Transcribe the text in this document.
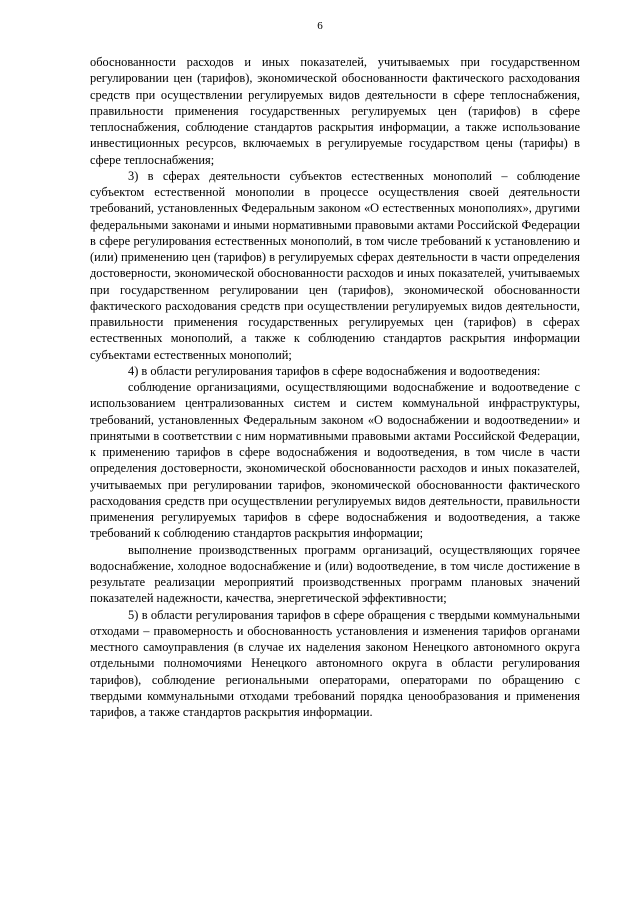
6

обоснованности расходов и иных показателей, учитываемых при государственном регулировании цен (тарифов), экономической обоснованности фактического расходования средств при осуществлении регулируемых видов деятельности в сфере теплоснабжения, правильности применения государственных регулируемых цен (тарифов) в сфере теплоснабжения, соблюдение стандартов раскрытия информации, а также использование инвестиционных ресурсов, включаемых в регулируемые государством цены (тарифы) в сфере теплоснабжения;

3) в сферах деятельности субъектов естественных монополий – соблюдение субъектом естественной монополии в процессе осуществления своей деятельности требований, установленных Федеральным законом «О естественных монополиях», другими федеральными законами и иными нормативными правовыми актами Российской Федерации в сфере регулирования естественных монополий, в том числе требований к установлению и (или) применению цен (тарифов) в регулируемых сферах деятельности в части определения достоверности, экономической обоснованности расходов и иных показателей, учитываемых при государственном регулировании цен (тарифов), экономической обоснованности фактического расходования средств при осуществлении регулируемых видов деятельности, правильности применения государственных регулируемых цен (тарифов) в сферах естественных монополий, а также к соблюдению стандартов раскрытия информации субъектами естественных монополий;

4) в области регулирования тарифов в сфере водоснабжения и водоотведения:

соблюдение организациями, осуществляющими водоснабжение и водоотведение с использованием централизованных систем и систем коммунальной инфраструктуры, требований, установленных Федеральным законом «О водоснабжении и водоотведении» и принятыми в соответствии с ним нормативными правовыми актами Российской Федерации, к применению тарифов в сфере водоснабжения и водоотведения, в том числе в части определения достоверности, экономической обоснованности расходов и иных показателей, учитываемых при регулировании тарифов, экономической обоснованности фактического расходования средств при осуществлении регулируемых видов деятельности, правильности применения регулируемых тарифов в сфере водоснабжения и водоотведения, а также требований к соблюдению стандартов раскрытия информации;

выполнение производственных программ организаций, осуществляющих горячее водоснабжение, холодное водоснабжение и (или) водоотведение, в том числе достижение в результате реализации мероприятий производственных программ плановых значений показателей надежности, качества, энергетической эффективности;

5) в области регулирования тарифов в сфере обращения с твердыми коммунальными отходами – правомерность и обоснованность установления и изменения тарифов органами местного самоуправления (в случае их наделения законом Ненецкого автономного округа отдельными полномочиями Ненецкого автономного округа в области регулирования тарифов), соблюдение региональными операторами, операторами по обращению с твердыми коммунальными отходами требований порядка ценообразования и применения тарифов, а также стандартов раскрытия информации.
